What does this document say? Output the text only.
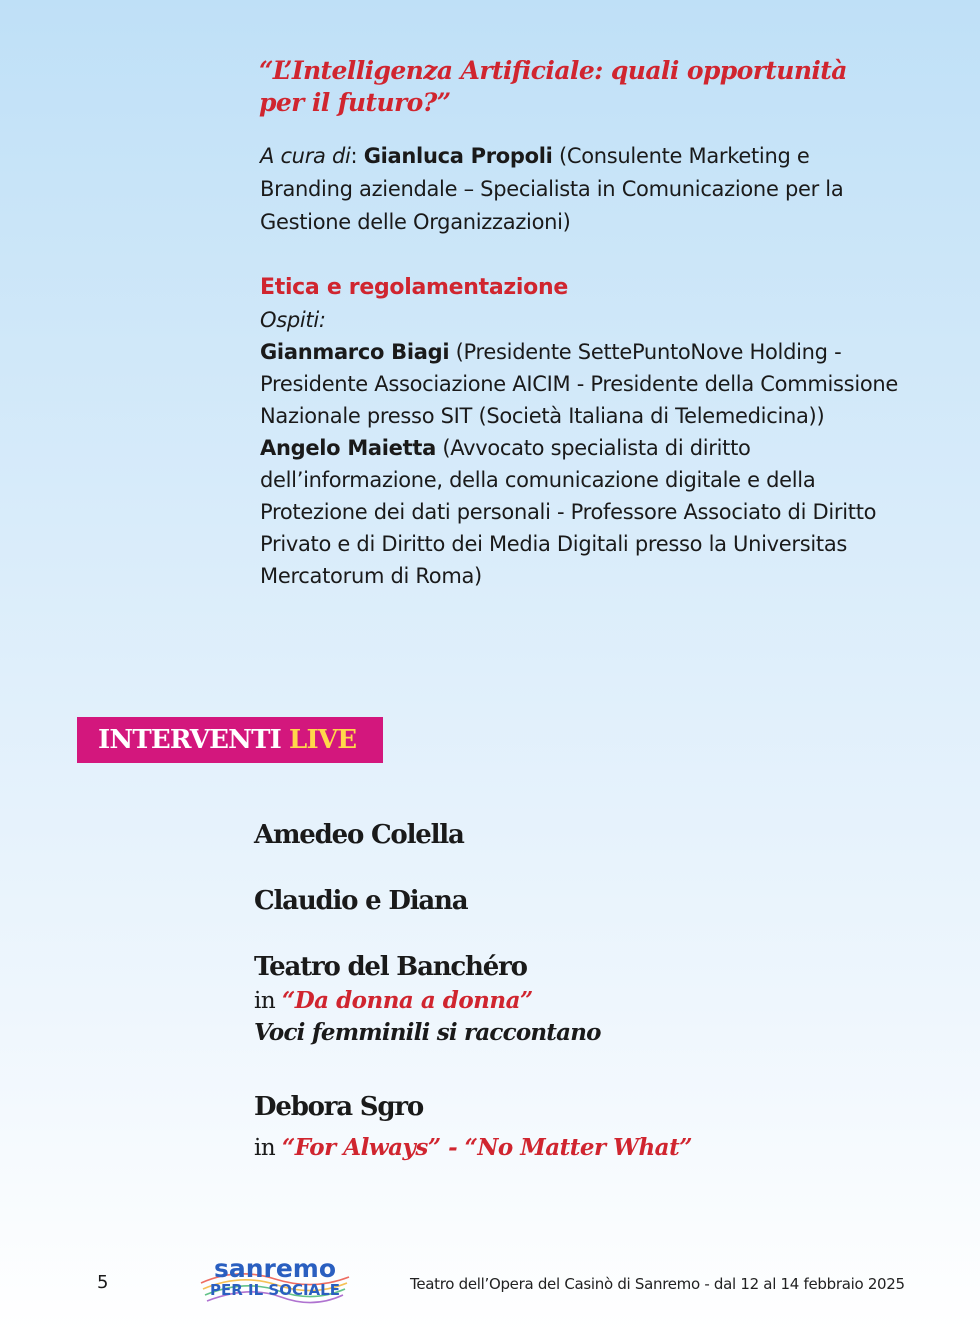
“L’Intelligenza Artificiale: quali opportunità per il futuro?”
A cura di: Gianluca Propoli (Consulente Marketing e Branding aziendale – Specialista in Comunicazione per la Gestione delle Organizzazioni)
Etica e regolamentazione
Ospiti:
Gianmarco Biagi (Presidente SettePuntoNove Holding - Presidente Associazione AICIM - Presidente della Commissione Nazionale presso SIT (Società Italiana di Telemedicina))
Angelo Maietta (Avvocato specialista di diritto dell’informazione, della comunicazione digitale e della Protezione dei dati personali - Professore Associato di Diritto Privato e di Diritto dei Media Digitali presso la Universitas Mercatorum di Roma)
INTERVENTI LIVE
Amedeo Colella
Claudio e Diana
Teatro del Banchéro
in “Da donna a donna”
Voci femminili si raccontano
Debora Sgro
in “For Always” - “No Matter What”
5	sanremo
PER IL SOCIALE	Teatro dell’Opera del Casinò di Sanremo - dal 12 al 14 febbraio 2025
